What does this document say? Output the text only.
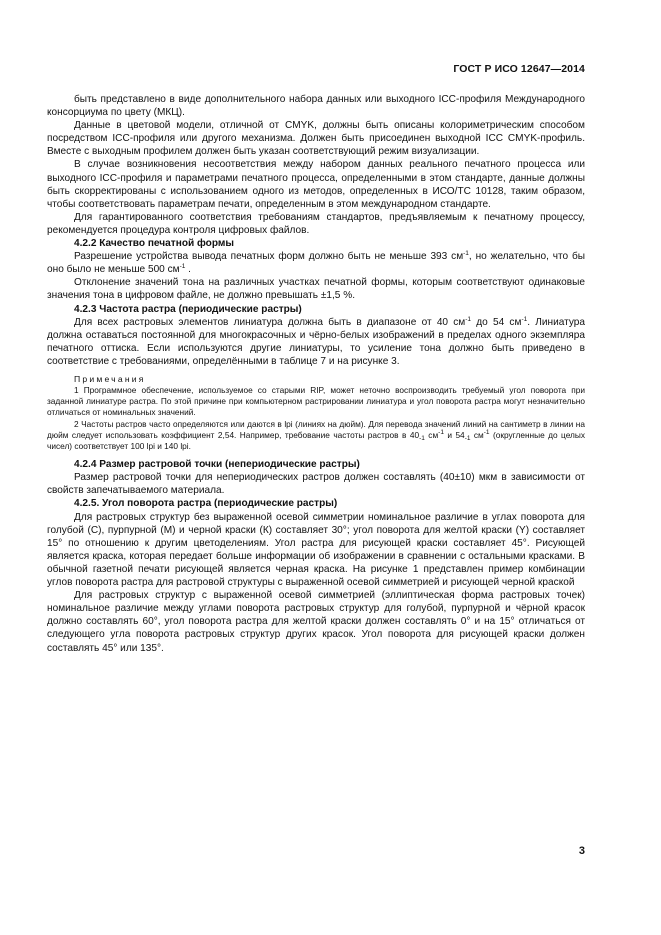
ГОСТ Р ИСО 12647—2014

быть представлено в виде дополнительного набора данных или выходного ICC-профиля Международного консорциума по цвету (МКЦ).

Данные в цветовой модели, отличной от CMYK, должны быть описаны колориметрическим способом посредством ICC-профиля или другого механизма. Должен быть присоединен выходной ICC CMYK-профиль. Вместе с выходным профилем должен быть указан соответствующий режим визуализации.

В случае возникновения несоответствия между набором данных реального печатного процесса или выходного ICC-профиля и параметрами печатного процесса, определенными в этом стандарте, данные должны быть скорректированы с использованием одного из методов, определенных в ИСО/ТС 10128, таким образом, чтобы соответствовать параметрам печати, определенным в этом международном стандарте.

Для гарантированного соответствия требованиям стандартов, предъявляемым к печатному процессу, рекомендуется процедура контроля цифровых файлов.

4.2.2 Качество печатной формы

Разрешение устройства вывода печатных форм должно быть не меньше 393 $см^{-1}$, но желательно, что бы оно было не меньше 500 $см^{-1}$ .

Отклонение значений тона на различных участках печатной формы, которым соответствуют одинаковые значения тона в цифровом файле, не должно превышать ±1,5 %.

4.2.3 Частота растра (периодические растры)

Для всех растровых элементов линиатура должна быть в диапазоне от 40 $см^{-1}$ до 54 $см^{-1}$. Линиатура должна оставаться постоянной для многокрасочных и чёрно-белых изображений в пределах одного экземпляра печатного оттиска. Если используются другие линиатуры, то усиление тона должно быть приведено в соответствие с требованиями, определёнными в таблице 7 и на рисунке 3.

Примечания

1 Программное обеспечение, используемое со старыми RIP, может неточно воспроизводить требуемый угол поворота при заданной линиатуре растра. По этой причине при компьютерном растрировании линиатура и угол поворота растра могут незначительно отличаться от номинальных значений.

2 Частоты растров часто определяются или даются в lpi (линиях на дюйм). Для перевода значений линий на сантиметр в линии на дюйм следует использовать коэффициент 2,54. Например, требование частоты растров в $40_{-1}$ $см^{-1}$ и $54_{-1}$ $см^{-1}$ (округленные до целых чисел) соответствует 100 lpi и 140 lpi.

4.2.4 Размер растровой точки (непериодические растры)

Размер растровой точки для непериодических растров должен составлять (40±10) мкм в зависимости от свойств запечатываемого материала.

4.2.5. Угол поворота растра (периодические растры)

Для растровых структур без выраженной осевой симметрии номинальное различие в углах поворота для голубой (С), пурпурной (М) и черной краски (К) составляет 30°; угол поворота для желтой краски (Y) составляет 15° по отношению к другим цветоделениям. Угол растра для рисующей краски составляет 45°. Рисующей является краска, которая передает больше информации об изображении в сравнении с остальными красками. В обычной газетной печати рисующей является черная краска. На рисунке 1 представлен пример комбинации углов поворота растра для растровой структуры с выраженной осевой симметрией и рисующей черной краской

Для растровых структур с выраженной осевой симметрией (эллиптическая форма растровых точек) номинальное различие между углами поворота растровых структур для голубой, пурпурной и чёрной красок должно составлять 60°, угол поворота растра для желтой краски должен составлять 0° и на 15° отличаться от следующего угла поворота растровых структур других красок. Угол поворота для рисующей краски должен составлять 45° или 135°.

3
